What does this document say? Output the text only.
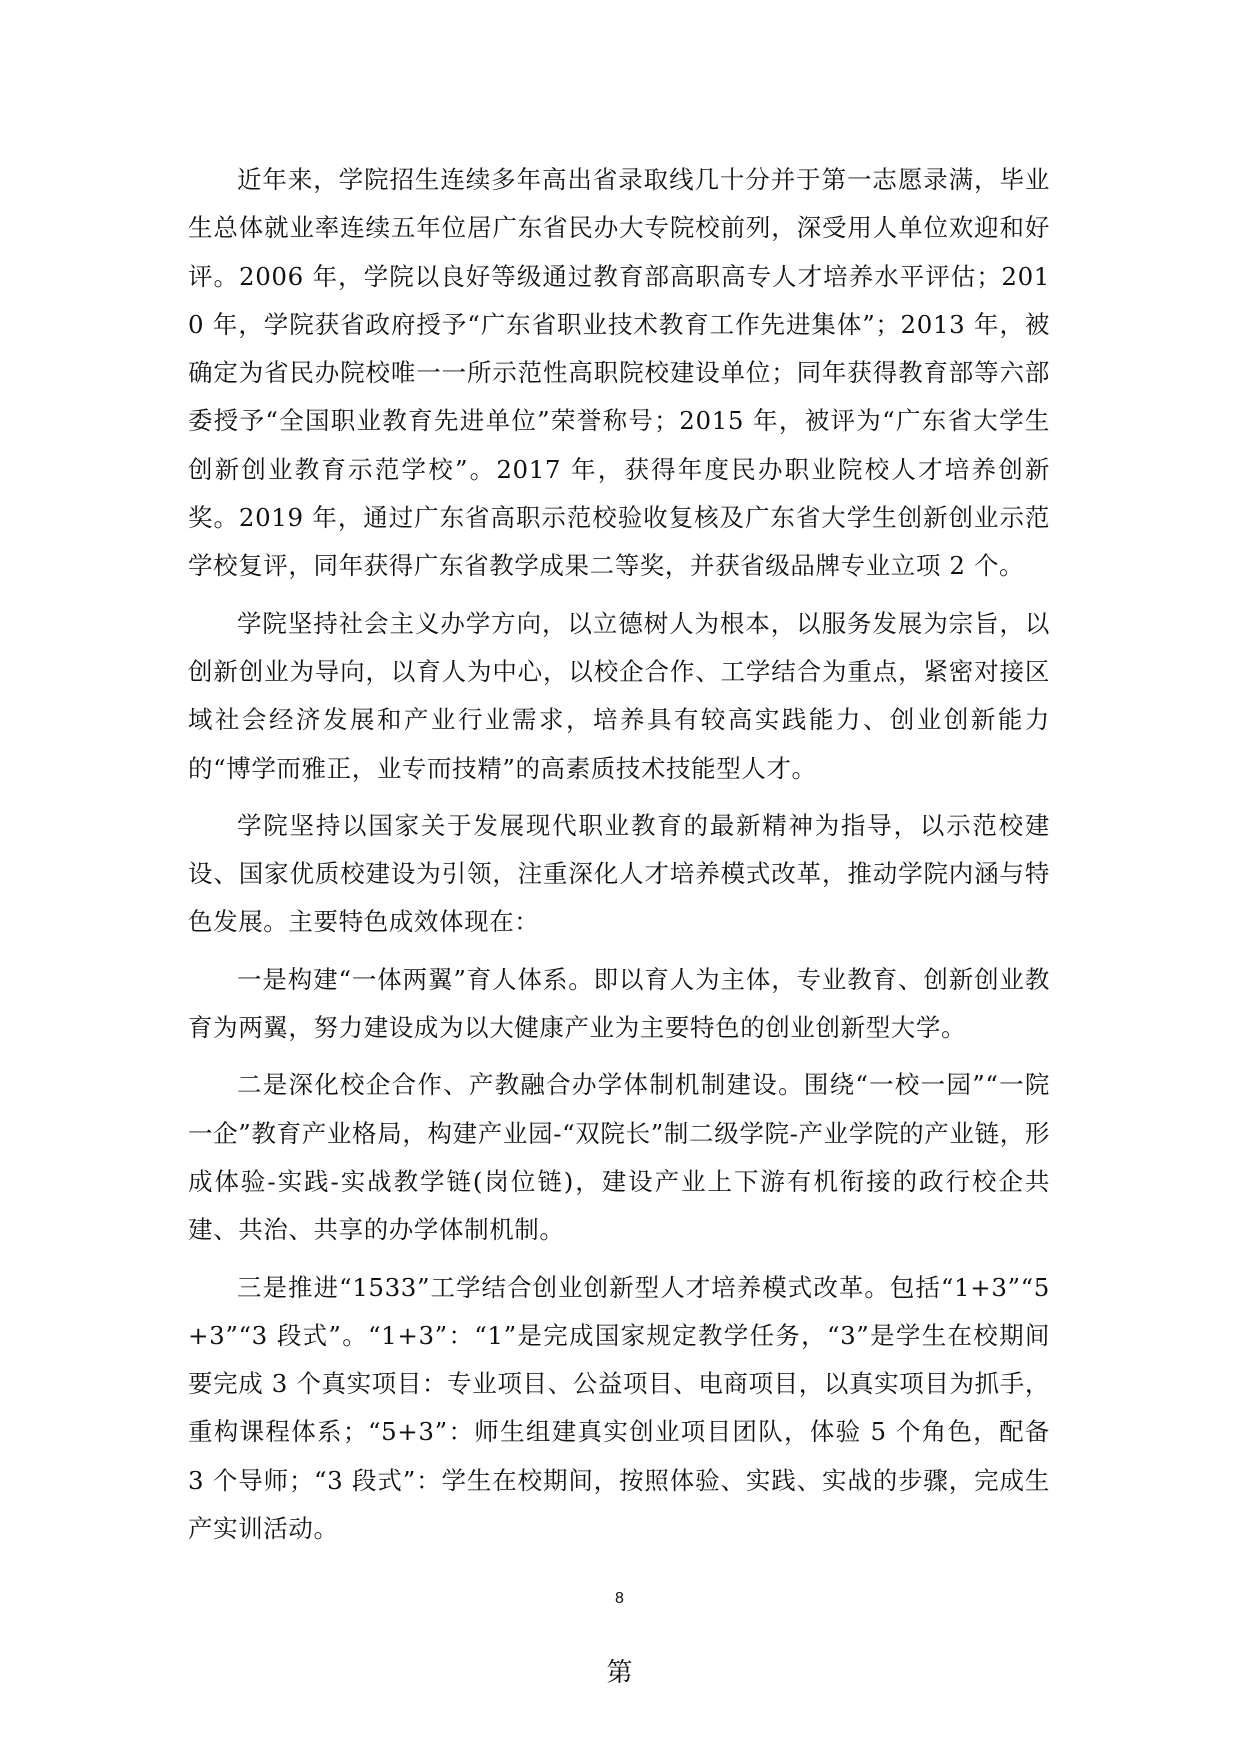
近年来，学院招生连续多年高出省录取线几十分并于第一志愿录满，毕业生总体就业率连续五年位居广东省民办大专院校前列，深受用人单位欢迎和好评。2006 年，学院以良好等级通过教育部高职高专人才培养水平评估；2010 年，学院获省政府授予“广东省职业技术教育工作先进集体”；2013 年，被确定为省民办院校唯一一所示范性高职院校建设单位；同年获得教育部等六部委授予“全国职业教育先进单位”荣誉称号；2015 年，被评为“广东省大学生创新创业教育示范学校”。2017 年，获得年度民办职业院校人才培养创新奖。2019 年，通过广东省高职示范校验收复核及广东省大学生创新创业示范学校复评，同年获得广东省教学成果二等奖，并获省级品牌专业立项 2 个。

学院坚持社会主义办学方向，以立德树人为根本，以服务发展为宗旨，以创新创业为导向，以育人为中心，以校企合作、工学结合为重点，紧密对接区域社会经济发展和产业行业需求，培养具有较高实践能力、创业创新能力的“博学而雅正，业专而技精”的高素质技术技能型人才。

学院坚持以国家关于发展现代职业教育的最新精神为指导，以示范校建设、国家优质校建设为引领，注重深化人才培养模式改革，推动学院内涵与特色发展。主要特色成效体现在：

一是构建“一体两翼”育人体系。即以育人为主体，专业教育、创新创业教育为两翼，努力建设成为以大健康产业为主要特色的创业创新型大学。

二是深化校企合作、产教融合办学体制机制建设。围绕“一校一园”“一院一企”教育产业格局，构建产业园-“双院长”制二级学院-产业学院的产业链，形成体验-实践-实战教学链(岗位链)，建设产业上下游有机衔接的政行校企共建、共治、共享的办学体制机制。

三是推进“1533”工学结合创业创新型人才培养模式改革。包括“1+3”“5+3”“3 段式”。“1+3”：“1”是完成国家规定教学任务，“3”是学生在校期间要完成 3 个真实项目：专业项目、公益项目、电商项目，以真实项目为抓手，重构课程体系；“5+3”：师生组建真实创业项目团队，体验 5 个角色，配备 3 个导师；“3 段式”：学生在校期间，按照体验、实践、实战的步骤，完成生产实训活动。

8
第
